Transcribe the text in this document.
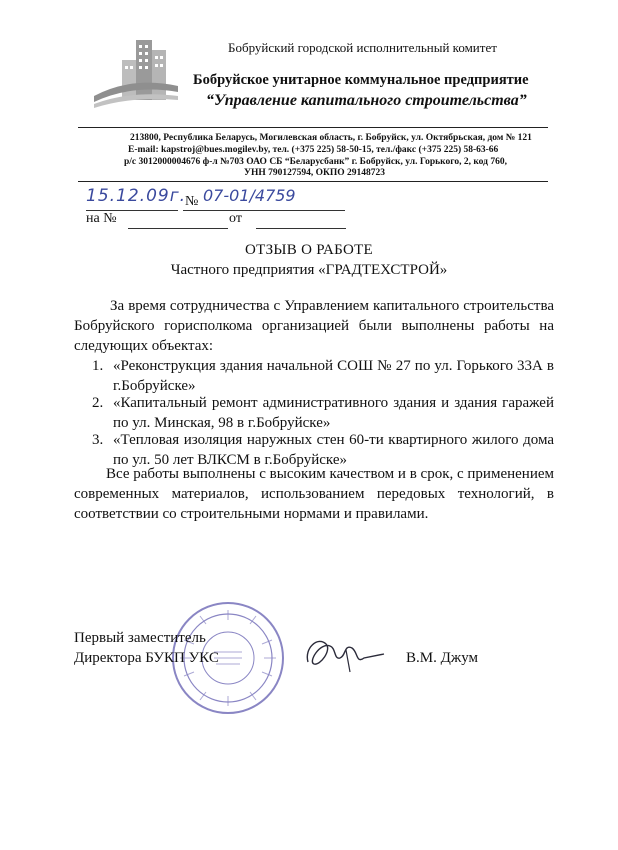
Бобруйский городской исполнительный комитет
Бобруйское унитарное коммунальное предприятие
“Управление капитального строительства”
213800, Республика Беларусь, Могилевская область, г. Бобруйск, ул. Октябрьская, дом № 121
E-mail: kapstroj@bues.mogilev.by, тел. (+375 225) 58-50-15, тел./факс (+375 225) 58-63-66
р/с 3012000004676 ф-л №703 ОАО СБ “Беларусбанк” г. Бобруйск, ул. Горького, 2, код 760,
УНН 790127594, ОКПО 29148723
15.12.09г.
№ 07-01/4759
на №	от
ОТЗЫВ О РАБОТЕ
Частного предприятия «ГРАДТЕХСТРОЙ»
За время сотрудничества с Управлением капитального строительства Бобруйского горисполкома организацией были выполнены работы на следующих объектах:
1. «Реконструкция здания начальной СОШ № 27 по ул. Горького 33А в г.Бобруйске»
2. «Капитальный ремонт административного здания и здания гаражей по ул. Минская, 98 в г.Бобруйске»
3. «Тепловая изоляция наружных стен 60-ти квартирного жилого дома по ул. 50 лет ВЛКСМ в г.Бобруйске»
Все работы выполнены с высоким качеством и в срок, с применением современных материалов, использованием передовых технологий, в соответствии со строительными нормами и правилами.
Первый заместитель
Директора БУКП УКС	В.М. Джум
